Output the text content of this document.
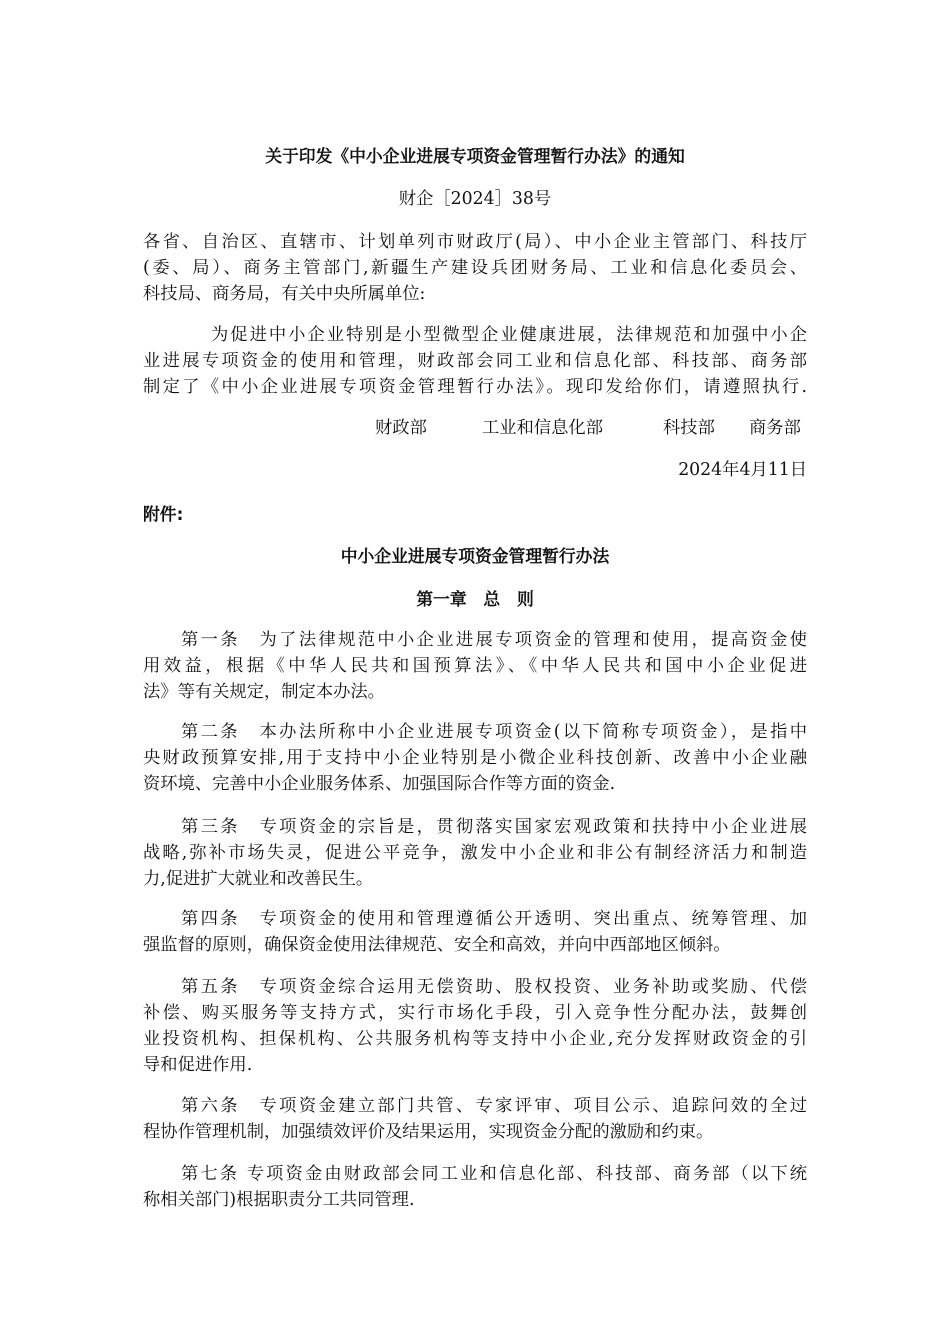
关于印发《中小企业进展专项资金管理暂行办法》的通知
财企［2024］38号
各省、自治区、直辖市、计划单列市财政厅(局）、中小企业主管部门、科技厅
(委、局）、商务主管部门,新疆生产建设兵团财务局、工业和信息化委员会、
科技局、商务局，有关中央所属单位:
为促进中小企业特别是小型微型企业健康进展，法律规范和加强中小企
业进展专项资金的使用和管理，财政部会同工业和信息化部、科技部、商务部
制定了《中小企业进展专项资金管理暂行办法》。现印发给你们，请遵照执行.
财政部	工业和信息化部	科技部 商务部
2024年4月11日
附件:
中小企业进展专项资金管理暂行办法
第一章　总　则
第一条　为了法律规范中小企业进展专项资金的管理和使用，提高资金使
用效益，根据《中华人民共和国预算法》、《中华人民共和国中小企业促进
法》等有关规定，制定本办法。
第二条　本办法所称中小企业进展专项资金(以下简称专项资金），是指中
央财政预算安排,用于支持中小企业特别是小微企业科技创新、改善中小企业融
资环境、完善中小企业服务体系、加强国际合作等方面的资金.
第三条　专项资金的宗旨是，贯彻落实国家宏观政策和扶持中小企业进展
战略,弥补市场失灵，促进公平竞争，激发中小企业和非公有制经济活力和制造
力,促进扩大就业和改善民生。
第四条　专项资金的使用和管理遵循公开透明、突出重点、统筹管理、加
强监督的原则，确保资金使用法律规范、安全和高效，并向中西部地区倾斜。
第五条　专项资金综合运用无偿资助、股权投资、业务补助或奖励、代偿
补偿、购买服务等支持方式，实行市场化手段，引入竞争性分配办法，鼓舞创
业投资机构、担保机构、公共服务机构等支持中小企业,充分发挥财政资金的引
导和促进作用.
第六条　专项资金建立部门共管、专家评审、项目公示、追踪问效的全过
程协作管理机制，加强绩效评价及结果运用，实现资金分配的激励和约束。
第七条 专项资金由财政部会同工业和信息化部、科技部、商务部（以下统
称相关部门)根据职责分工共同管理.
